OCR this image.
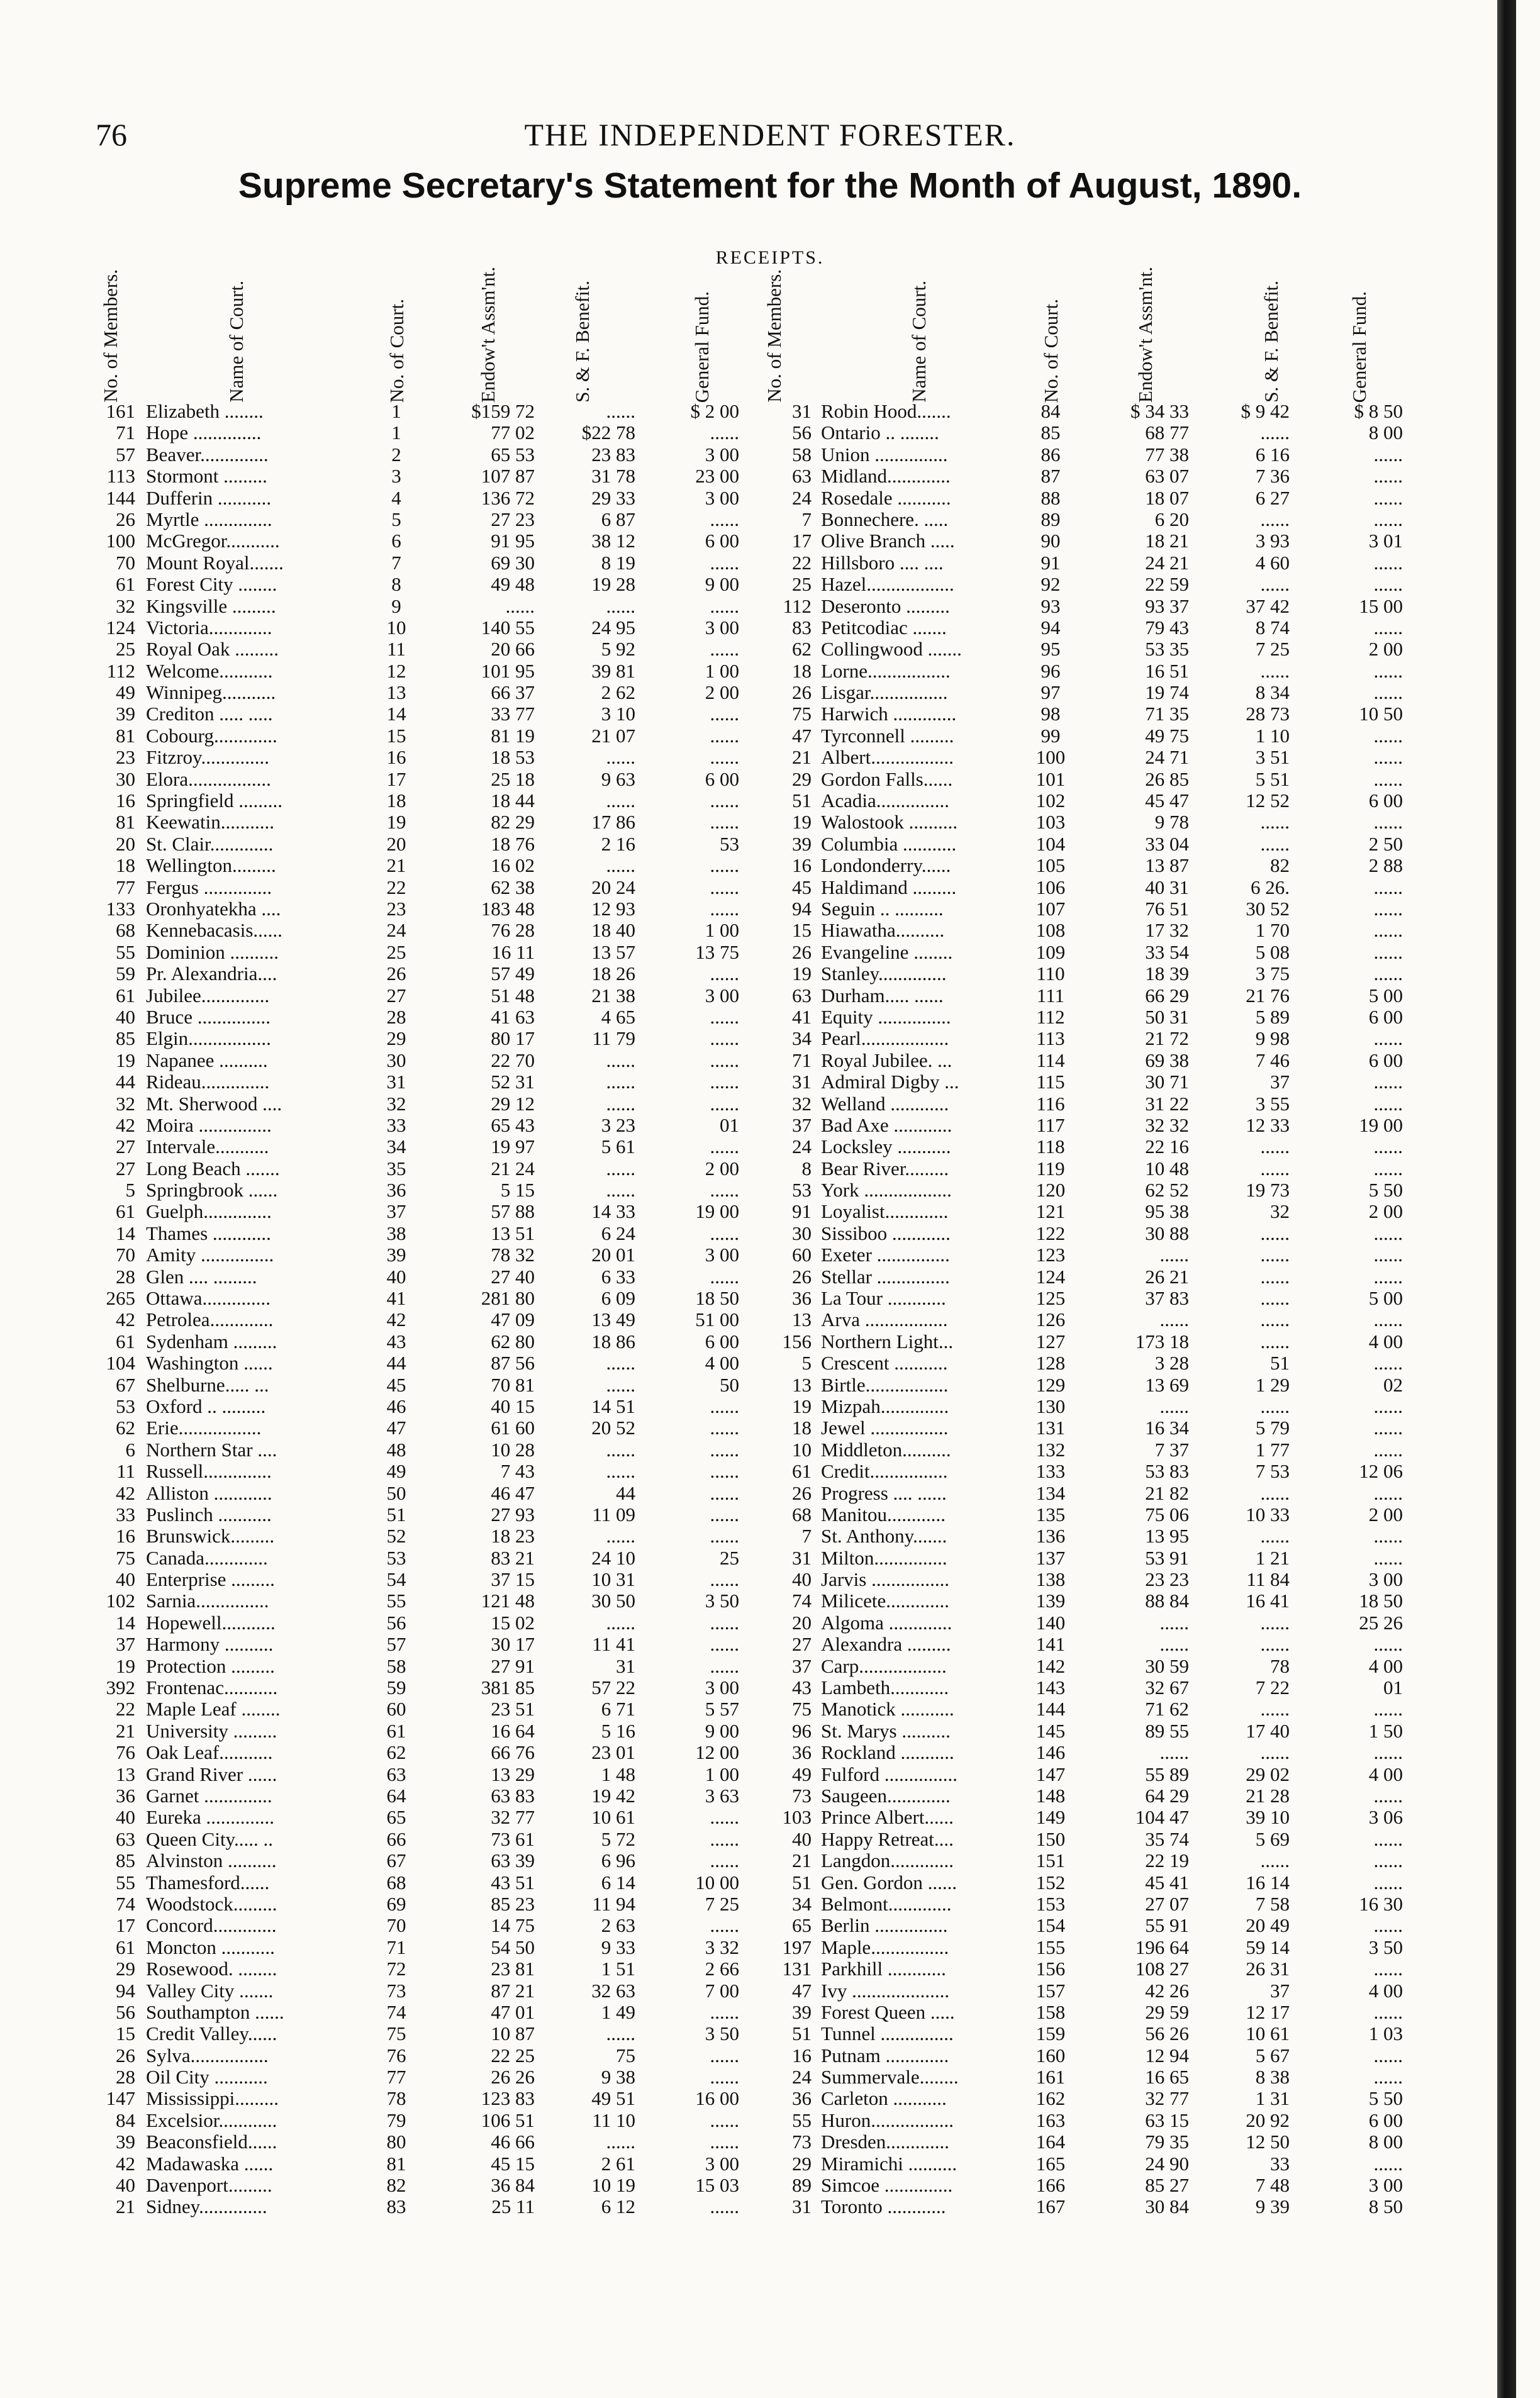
76	THE INDEPENDENT FORESTER.
Supreme Secretary's Statement for the Month of August, 1890.
RECEIPTS.
No. of Members.	Name of Court.	No. of Court.	Endow't Assm'nt.	S. & F. Benefit.	General Fund.	No. of Members.	Name of Court.	No. of Court.	Endow't Assm'nt.	S. & F. Benefit.	General Fund.
161 Elizabeth ........	1	$159 72	......	$ 2 00	31 Robin Hood.......	84	$ 34 33	$ 9 42	$ 8 50
71 Hope ..............	1	77 02	$22 78	......	56 Ontario .. ........	85	68 77	......	8 00
57 Beaver..............	2	65 53	23 83	3 00	58 Union ...............	86	77 38	6 16	......
113 Stormont .........	3	107 87	31 78	23 00	63 Midland.............	87	63 07	7 36	......
144 Dufferin ...........	4	136 72	29 33	3 00	24 Rosedale ...........	88	18 07	6 27	......
26 Myrtle ..............	5	27 23	6 87	......	7 Bonnechere. .....	89	6 20	......	......
100 McGregor...........	6	91 95	38 12	6 00	17 Olive Branch .....	90	18 21	3 93	3 01
70 Mount Royal.......	7	69 30	8 19	......	22 Hillsboro .... ....	91	24 21	4 60	......
61 Forest City ........	8	49 48	19 28	9 00	25 Hazel..................	92	22 59	......	......
32 Kingsville .........	9	......	......	......	112 Deseronto .........	93	93 37	37 42	15 00
124 Victoria.............	10	140 55	24 95	3 00	83 Petitcodiac .......	94	79 43	8 74	......
25 Royal Oak .........	11	20 66	5 92	......	62 Collingwood .......	95	53 35	7 25	2 00
112 Welcome...........	12	101 95	39 81	1 00	18 Lorne.................	96	16 51	......	......
49 Winnipeg...........	13	66 37	2 62	2 00	26 Lisgar................	97	19 74	8 34	......
39 Crediton ..... .....	14	33 77	3 10	......	75 Harwich .............	98	71 35	28 73	10 50
81 Cobourg.............	15	81 19	21 07	......	47 Tyrconnell .........	99	49 75	1 10	......
23 Fitzroy..............	16	18 53	......	......	21 Albert.................	100	24 71	3 51	......
30 Elora.................	17	25 18	9 63	6 00	29 Gordon Falls......	101	26 85	5 51	......
16 Springfield .........	18	18 44	......	......	51 Acadia...............	102	45 47	12 52	6 00
81 Keewatin...........	19	82 29	17 86	......	19 Walostook ..........	103	9 78	......	......
20 St. Clair.............	20	18 76	2 16	53	39 Columbia ...........	104	33 04	......	2 50
18 Wellington.........	21	16 02	......	......	16 Londonderry......	105	13 87	82	2 88
77 Fergus ..............	22	62 38	20 24	......	45 Haldimand .........	106	40 31	6 26.	......
133 Oronhyatekha ....	23	183 48	12 93	......	94 Seguin .. ..........	107	76 51	30 52	......
68 Kennebacasis......	24	76 28	18 40	1 00	15 Hiawatha..........	108	17 32	1 70	......
55 Dominion ..........	25	16 11	13 57	13 75	26 Evangeline ........	109	33 54	5 08	......
59 Pr. Alexandria....	26	57 49	18 26	......	19 Stanley..............	110	18 39	3 75	......
61 Jubilee..............	27	51 48	21 38	3 00	63 Durham..... ......	111	66 29	21 76	5 00
40 Bruce ...............	28	41 63	4 65	......	41 Equity ...............	112	50 31	5 89	6 00
85 Elgin.................	29	80 17	11 79	......	34 Pearl..................	113	21 72	9 98	......
19 Napanee ..........	30	22 70	......	......	71 Royal Jubilee. ...	114	69 38	7 46	6 00
44 Rideau..............	31	52 31	......	......	31 Admiral Digby ...	115	30 71	37	......
32 Mt. Sherwood ....	32	29 12	......	......	32 Welland ............	116	31 22	3 55	......
42 Moira ...............	33	65 43	3 23	01	37 Bad Axe ............	117	32 32	12 33	19 00
27 Intervale...........	34	19 97	5 61	......	24 Locksley ...........	118	22 16	......	......
27 Long Beach .......	35	21 24	......	2 00	8 Bear River.........	119	10 48	......	......
5 Springbrook ......	36	5 15	......	......	53 York ..................	120	62 52	19 73	5 50
61 Guelph..............	37	57 88	14 33	19 00	91 Loyalist.............	121	95 38	32	2 00
14 Thames ............	38	13 51	6 24	......	30 Sissiboo ............	122	30 88	......	......
70 Amity ...............	39	78 32	20 01	3 00	60 Exeter ...............	123	......	......	......
28 Glen .... .........	40	27 40	6 33	......	26 Stellar ...............	124	26 21	......	......
265 Ottawa..............	41	281 80	6 09	18 50	36 La Tour ............	125	37 83	......	5 00
42 Petrolea.............	42	47 09	13 49	51 00	13 Arva .................	126	......	......	......
61 Sydenham .........	43	62 80	18 86	6 00	156 Northern Light...	127	173 18	......	4 00
104 Washington ......	44	87 56	......	4 00	5 Crescent ...........	128	3 28	51	......
67 Shelburne..... ...	45	70 81	......	50	13 Birtle.................	129	13 69	1 29	02
53 Oxford .. .........	46	40 15	14 51	......	19 Mizpah..............	130	......	......	......
62 Erie.................	47	61 60	20 52	......	18 Jewel ................	131	16 34	5 79	......
6 Northern Star ....	48	10 28	......	......	10 Middleton..........	132	7 37	1 77	......
11 Russell..............	49	7 43	......	......	61 Credit................	133	53 83	7 53	12 06
42 Alliston ............	50	46 47	44	......	26 Progress .... ......	134	21 82	......	......
33 Puslinch ...........	51	27 93	11 09	......	68 Manitou............	135	75 06	10 33	2 00
16 Brunswick.........	52	18 23	......	......	7 St. Anthony.......	136	13 95	......	......
75 Canada.............	53	83 21	24 10	25	31 Milton...............	137	53 91	1 21	......
40 Enterprise .........	54	37 15	10 31	......	40 Jarvis ................	138	23 23	11 84	3 00
102 Sarnia...............	55	121 48	30 50	3 50	74 Milicete.............	139	88 84	16 41	18 50
14 Hopewell...........	56	15 02	......	......	20 Algoma .............	140	......	......	25 26
37 Harmony ..........	57	30 17	11 41	......	27 Alexandra .........	141	......	......	......
19 Protection .........	58	27 91	31	......	37 Carp..................	142	30 59	78	4 00
392 Frontenac...........	59	381 85	57 22	3 00	43 Lambeth............	143	32 67	7 22	01
22 Maple Leaf ........	60	23 51	6 71	5 57	75 Manotick ...........	144	71 62	......	......
21 University .........	61	16 64	5 16	9 00	96 St. Marys ..........	145	89 55	17 40	1 50
76 Oak Leaf...........	62	66 76	23 01	12 00	36 Rockland ...........	146	......	......	......
13 Grand River ......	63	13 29	1 48	1 00	49 Fulford ...............	147	55 89	29 02	4 00
36 Garnet ..............	64	63 83	19 42	3 63	73 Saugeen.............	148	64 29	21 28	......
40 Eureka ..............	65	32 77	10 61	......	103 Prince Albert......	149	104 47	39 10	3 06
63 Queen City..... ..	66	73 61	5 72	......	40 Happy Retreat....	150	35 74	5 69	......
85 Alvinston ..........	67	63 39	6 96	......	21 Langdon.............	151	22 19	......	......
55 Thamesford......	68	43 51	6 14	10 00	51 Gen. Gordon ......	152	45 41	16 14	......
74 Woodstock.........	69	85 23	11 94	7 25	34 Belmont.............	153	27 07	7 58	16 30
17 Concord.............	70	14 75	2 63	......	65 Berlin ...............	154	55 91	20 49	......
61 Moncton ...........	71	54 50	9 33	3 32	197 Maple................	155	196 64	59 14	3 50
29 Rosewood. ........	72	23 81	1 51	2 66	131 Parkhill ............	156	108 27	26 31	......
94 Valley City .......	73	87 21	32 63	7 00	47 Ivy ....................	157	42 26	37	4 00
56 Southampton ......	74	47 01	1 49	......	39 Forest Queen .....	158	29 59	12 17	......
15 Credit Valley......	75	10 87	......	3 50	51 Tunnel ...............	159	56 26	10 61	1 03
26 Sylva................	76	22 25	75	......	16 Putnam .............	160	12 94	5 67	......
28 Oil City ...........	77	26 26	9 38	......	24 Summervale........	161	16 65	8 38	......
147 Mississippi.........	78	123 83	49 51	16 00	36 Carleton ...........	162	32 77	1 31	5 50
84 Excelsior............	79	106 51	11 10	......	55 Huron.................	163	63 15	20 92	6 00
39 Beaconsfield......	80	46 66	......	......	73 Dresden.............	164	79 35	12 50	8 00
42 Madawaska ......	81	45 15	2 61	3 00	29 Miramichi ..........	165	24 90	33	......
40 Davenport.........	82	36 84	10 19	15 03	89 Simcoe ..............	166	85 27	7 48	3 00
21 Sidney..............	83	25 11	6 12	......	31 Toronto ............	167	30 84	9 39	8 50
